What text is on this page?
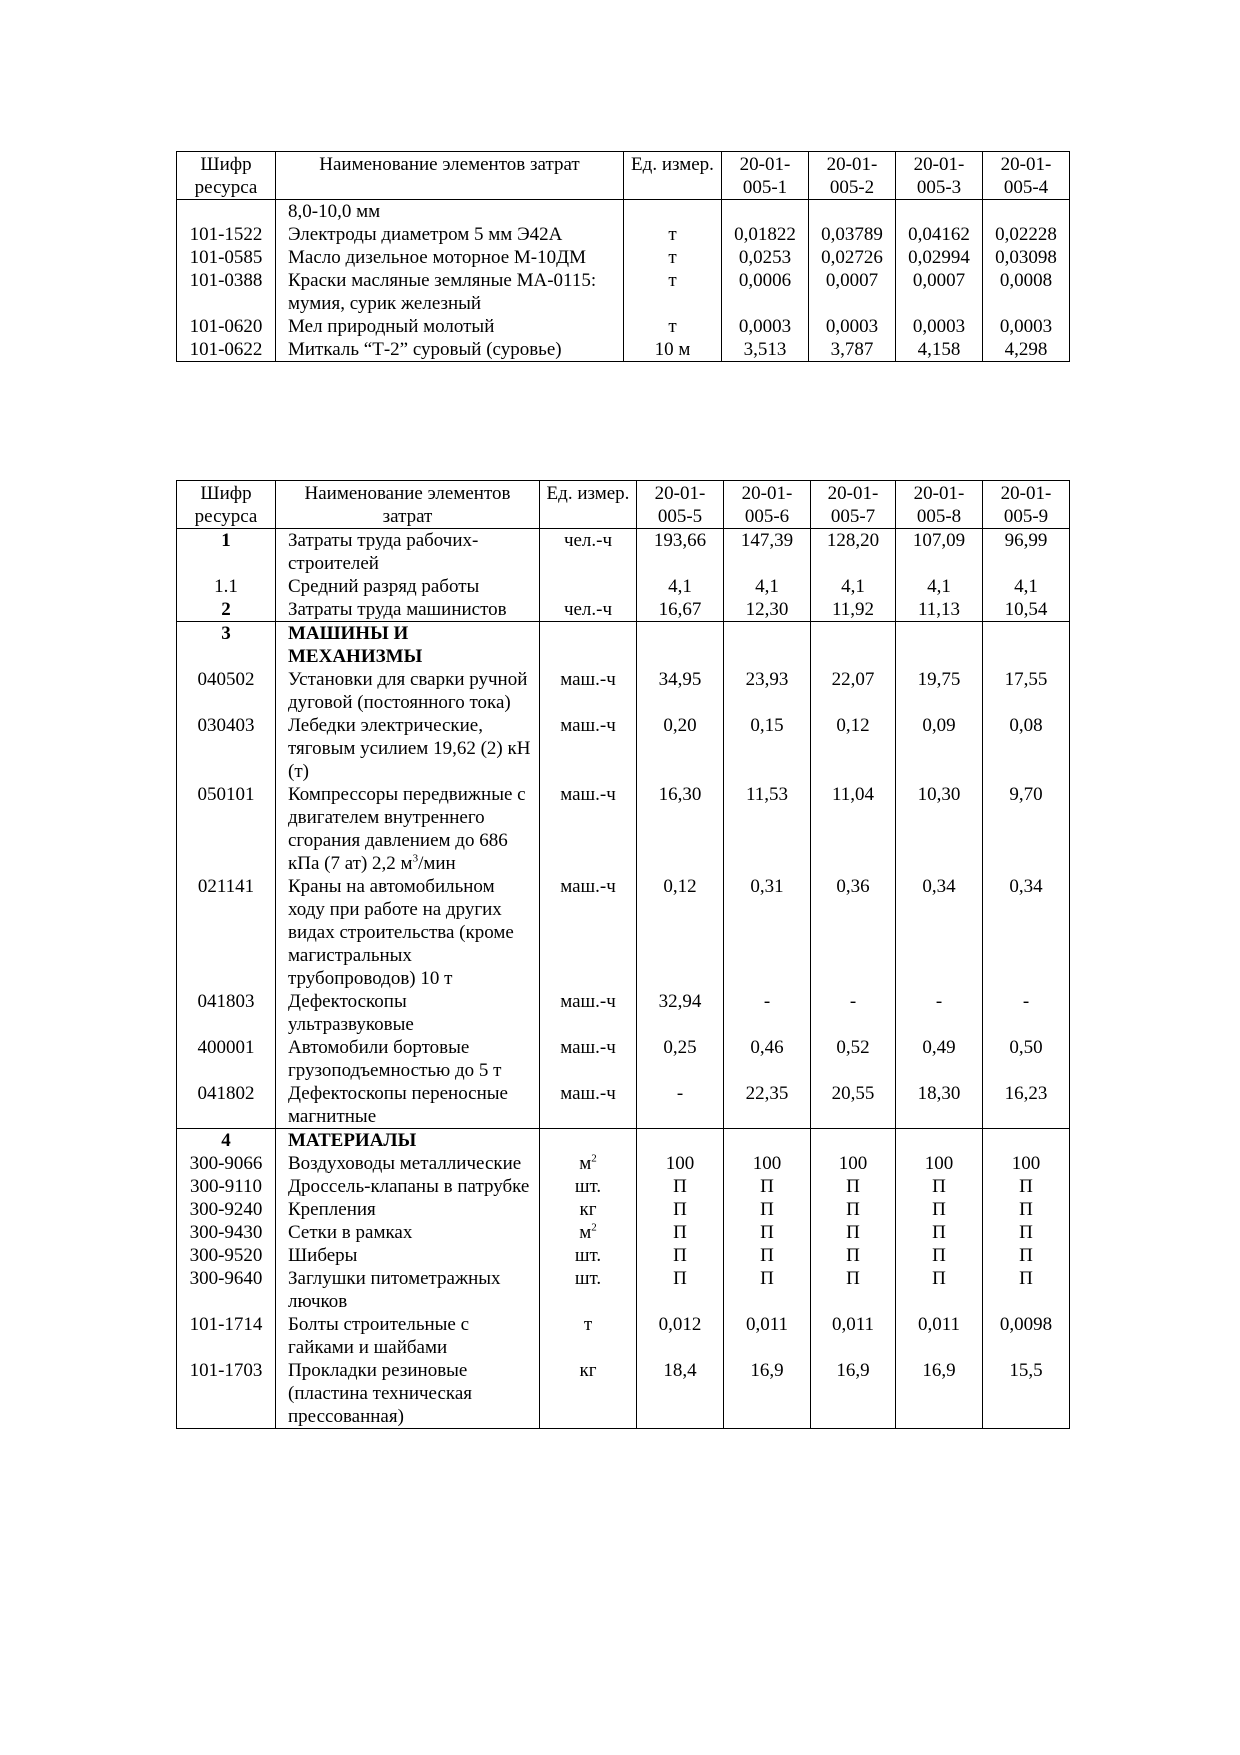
Шифр ресурса	Наименование элементов затрат	Ед. измер.	20-01-005-1	20-01-005-2	20-01-005-3	20-01-005-4
	8,0-10,0 мм					
101-1522	Электроды диаметром 5 мм Э42А	т	0,01822	0,03789	0,04162	0,02228
101-0585	Масло дизельное моторное М-10ДМ	т	0,0253	0,02726	0,02994	0,03098
101-0388	Краски масляные земляные МА-0115: мумия, сурик железный	т	0,0006	0,0007	0,0007	0,0008
101-0620	Мел природный молотый	т	0,0003	0,0003	0,0003	0,0003
101-0622	Миткаль “Т-2” суровый (суровье)	10 м	3,513	3,787	4,158	4,298
Шифр ресурса	Наименование элементов затрат	Ед. измер.	20-01-005-5	20-01-005-6	20-01-005-7	20-01-005-8	20-01-005-9
1	Затраты труда рабочих-строителей	чел.-ч	193,66	147,39	128,20	107,09	96,99
1.1	Средний разряд работы		4,1	4,1	4,1	4,1	4,1
2	Затраты труда машинистов	чел.-ч	16,67	12,30	11,92	11,13	10,54
3	МАШИНЫ И МЕХАНИЗМЫ						
040502	Установки для сварки ручной дуговой (постоянного тока)	маш.-ч	34,95	23,93	22,07	19,75	17,55
030403	Лебедки электрические, тяговым усилием 19,62 (2) кН (т)	маш.-ч	0,20	0,15	0,12	0,09	0,08
050101	Компрессоры передвижные с двигателем внутреннего сгорания давлением до 686 кПа (7 ат) 2,2 $м^3$/мин	маш.-ч	16,30	11,53	11,04	10,30	9,70
021141	Краны на автомобильном ходу при работе на других видах строительства (кроме магистральных трубопроводов) 10 т	маш.-ч	0,12	0,31	0,36	0,34	0,34
041803	Дефектоскопы ультразвуковые	маш.-ч	32,94	-	-	-	-
400001	Автомобили бортовые грузоподъемностью до 5 т	маш.-ч	0,25	0,46	0,52	0,49	0,50
041802	Дефектоскопы переносные магнитные	маш.-ч	-	22,35	20,55	18,30	16,23
4	МАТЕРИАЛЫ						
300-9066	Воздуховоды металлические	$м^2$	100	100	100	100	100
300-9110	Дроссель-клапаны в патрубке	шт.	П	П	П	П	П
300-9240	Крепления	кг	П	П	П	П	П
300-9430	Сетки в рамках	$м^2$	П	П	П	П	П
300-9520	Шиберы	шт.	П	П	П	П	П
300-9640	Заглушки питометражных лючков	шт.	П	П	П	П	П
101-1714	Болты строительные с гайками и шайбами	т	0,012	0,011	0,011	0,011	0,0098
101-1703	Прокладки резиновые (пластина техническая прессованная)	кг	18,4	16,9	16,9	16,9	15,5
